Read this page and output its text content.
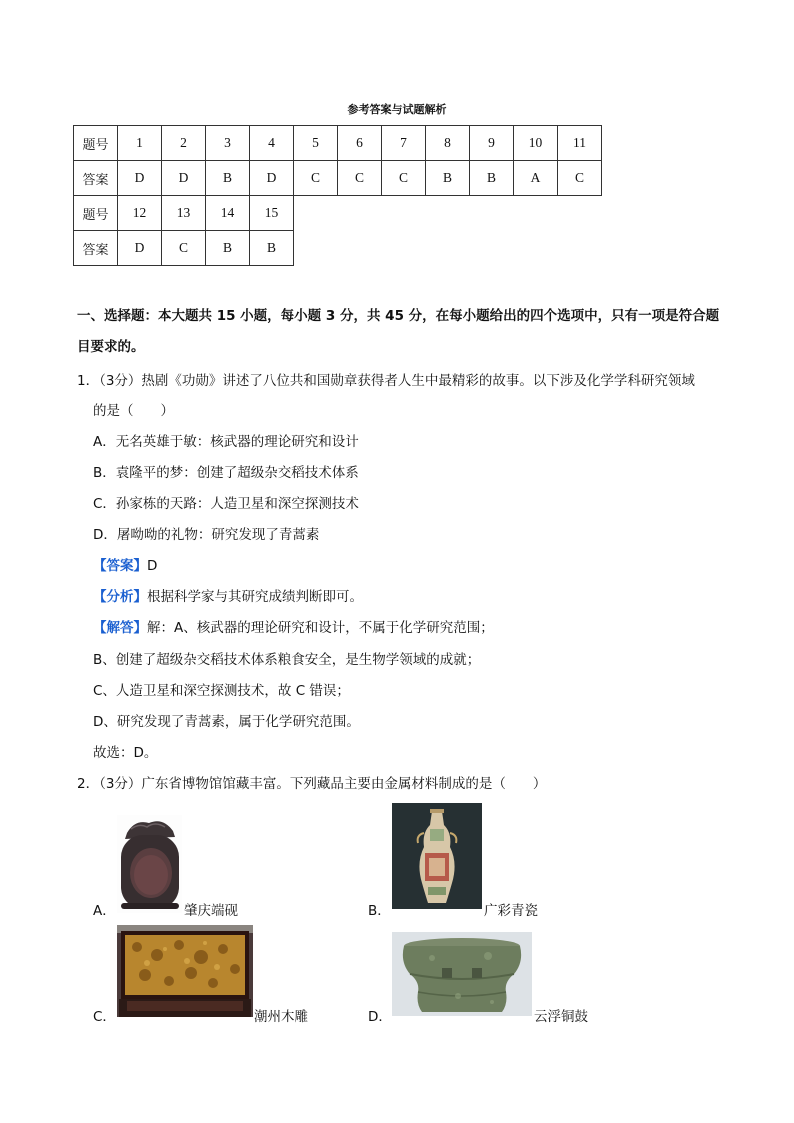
参考答案与试题解析
题号	1	2	3	4	5	6	7	8	9	10	11
答案	D	D	B	D	C	C	C	B	B	A	C
题号	12	13	14	15							
答案	D	C	B	B							
一、选择题：本大题共 15 小题，每小题 3 分，共 45 分，在每小题给出的四个选项中，只有一项是符合题
目要求的。
1．（3分）热剧《功勋》讲述了八位共和国勋章获得者人生中最精彩的故事。以下涉及化学学科研究领域
的是（　　）
A．无名英雄于敏：核武器的理论研究和设计
B．袁隆平的梦：创建了超级杂交稻技术体系
C．孙家栋的天路：人造卫星和深空探测技术
D．屠呦呦的礼物：研究发现了青蒿素
【答案】D
【分析】根据科学家与其研究成绩判断即可。
【解答】解：A、核武器的理论研究和设计，不属于化学研究范围；
B、创建了超级杂交稻技术体系粮食安全，是生物学领域的成就；
C、人造卫星和深空探测技术，故 C 错误；
D、研究发现了青蒿素，属于化学研究范围。
故选：D。
2．（3分）广东省博物馆馆藏丰富。下列藏品主要由金属材料制成的是（　　）
A．	肇庆端砚	B．	广彩青瓷
C．	潮州木雕	D．	云浮铜鼓
